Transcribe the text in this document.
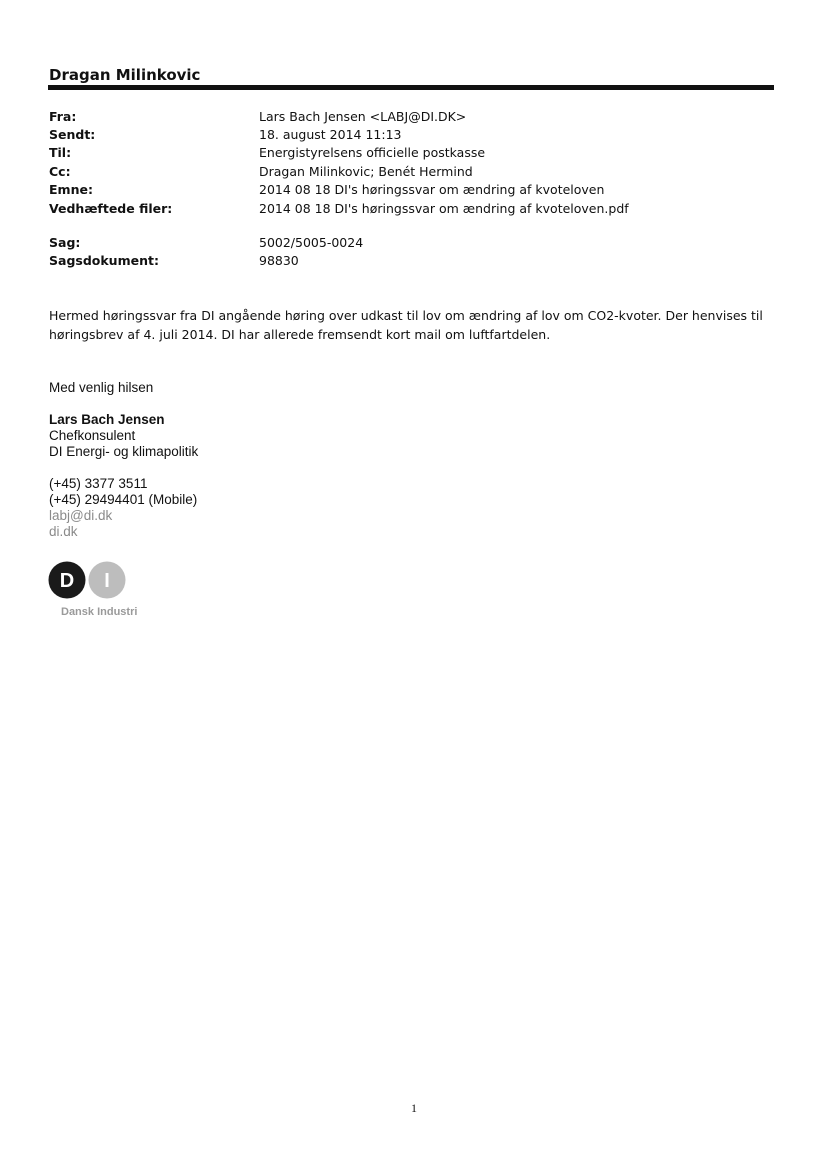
Dragan Milinkovic
Fra:	Lars Bach Jensen <LABJ@DI.DK>
Sendt:	18. august 2014 11:13
Til:	Energistyrelsens officielle postkasse
Cc:	Dragan Milinkovic; Benét Hermind
Emne:	2014 08 18 DI's høringssvar om ændring af kvoteloven
Vedhæftede filer:	2014 08 18 DI's høringssvar om ændring af kvoteloven.pdf
Sag:	5002/5005-0024
Sagsdokument:	98830
Hermed høringssvar fra DI angående høring over udkast til lov om ændring af lov om CO2-kvoter. Der henvises til høringsbrev af 4. juli 2014. DI har allerede fremsendt kort mail om luftfartdelen.
Med venlig hilsen
Lars Bach Jensen
Chefkonsulent
DI Energi- og klimapolitik
(+45) 3377 3511
(+45) 29494401 (Mobile)
labj@di.dk
di.dk
D I
Dansk Industri
1
